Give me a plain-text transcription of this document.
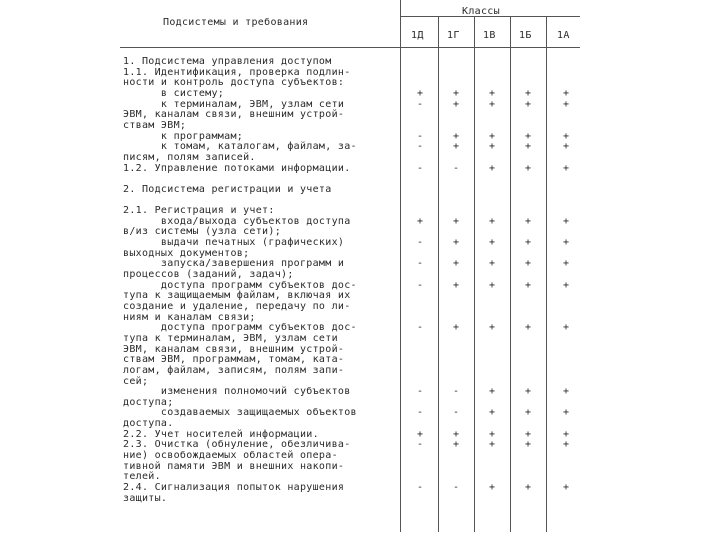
Подсистемы и требования
Классы
1Д 1Г 1В 1Б	1А
1. Подсистема управления доступом
1.1. Идентификация, проверка подлин-
ности и контроль доступа субъектов:
в систему;	+	+	+	+	+
к терминалам, ЭВМ, узлам сети	-	+	+	+	+
ЭВМ, каналам связи, внешним устрой-
ствам ЭВМ;
к программам;	-	+	+	+	+
к томам, каталогам, файлам, за-	-	+	+	+	+
писям, полям записей.
1.2. Управление потоками информации.	-	-	+	+	+
2. Подсистема регистрации и учета
2.1. Регистрация и учет:
входа/выхода субъектов доступа	+	+	+	+	+
в/из системы (узла сети);
выдачи печатных (графических)	-	+	+	+	+
выходных документов;
запуска/завершения программ и	-	+	+	+	+
процессов (заданий, задач);
доступа программ субъектов дос-	-	+	+	+	+
тупа к защищаемым файлам, включая их
создание и удаление, передачу по ли-
ниям и каналам связи;
доступа программ субъектов дос-	-	+	+	+	+
тупа к терминалам, ЭВМ, узлам сети
ЭВМ, каналам связи, внешним устрой-
ствам ЭВМ, программам, томам, ката-
логам, файлам, записям, полям запи-
сей;
изменения полномочий субъектов	-	-	+	+	+
доступа;
создаваемых защищаемых объектов	-	-	+	+	+
доступа.
2.2. Учет носителей информации.	+	+	+	+	+
2.3. Очистка (обнуление, обезличива-	-	+	+	+	+
ние) освобождаемых областей опера-
тивной памяти ЭВМ и внешних накопи-
телей.
2.4. Сигнализация попыток нарушения	-	-	+	+	+
защиты.
